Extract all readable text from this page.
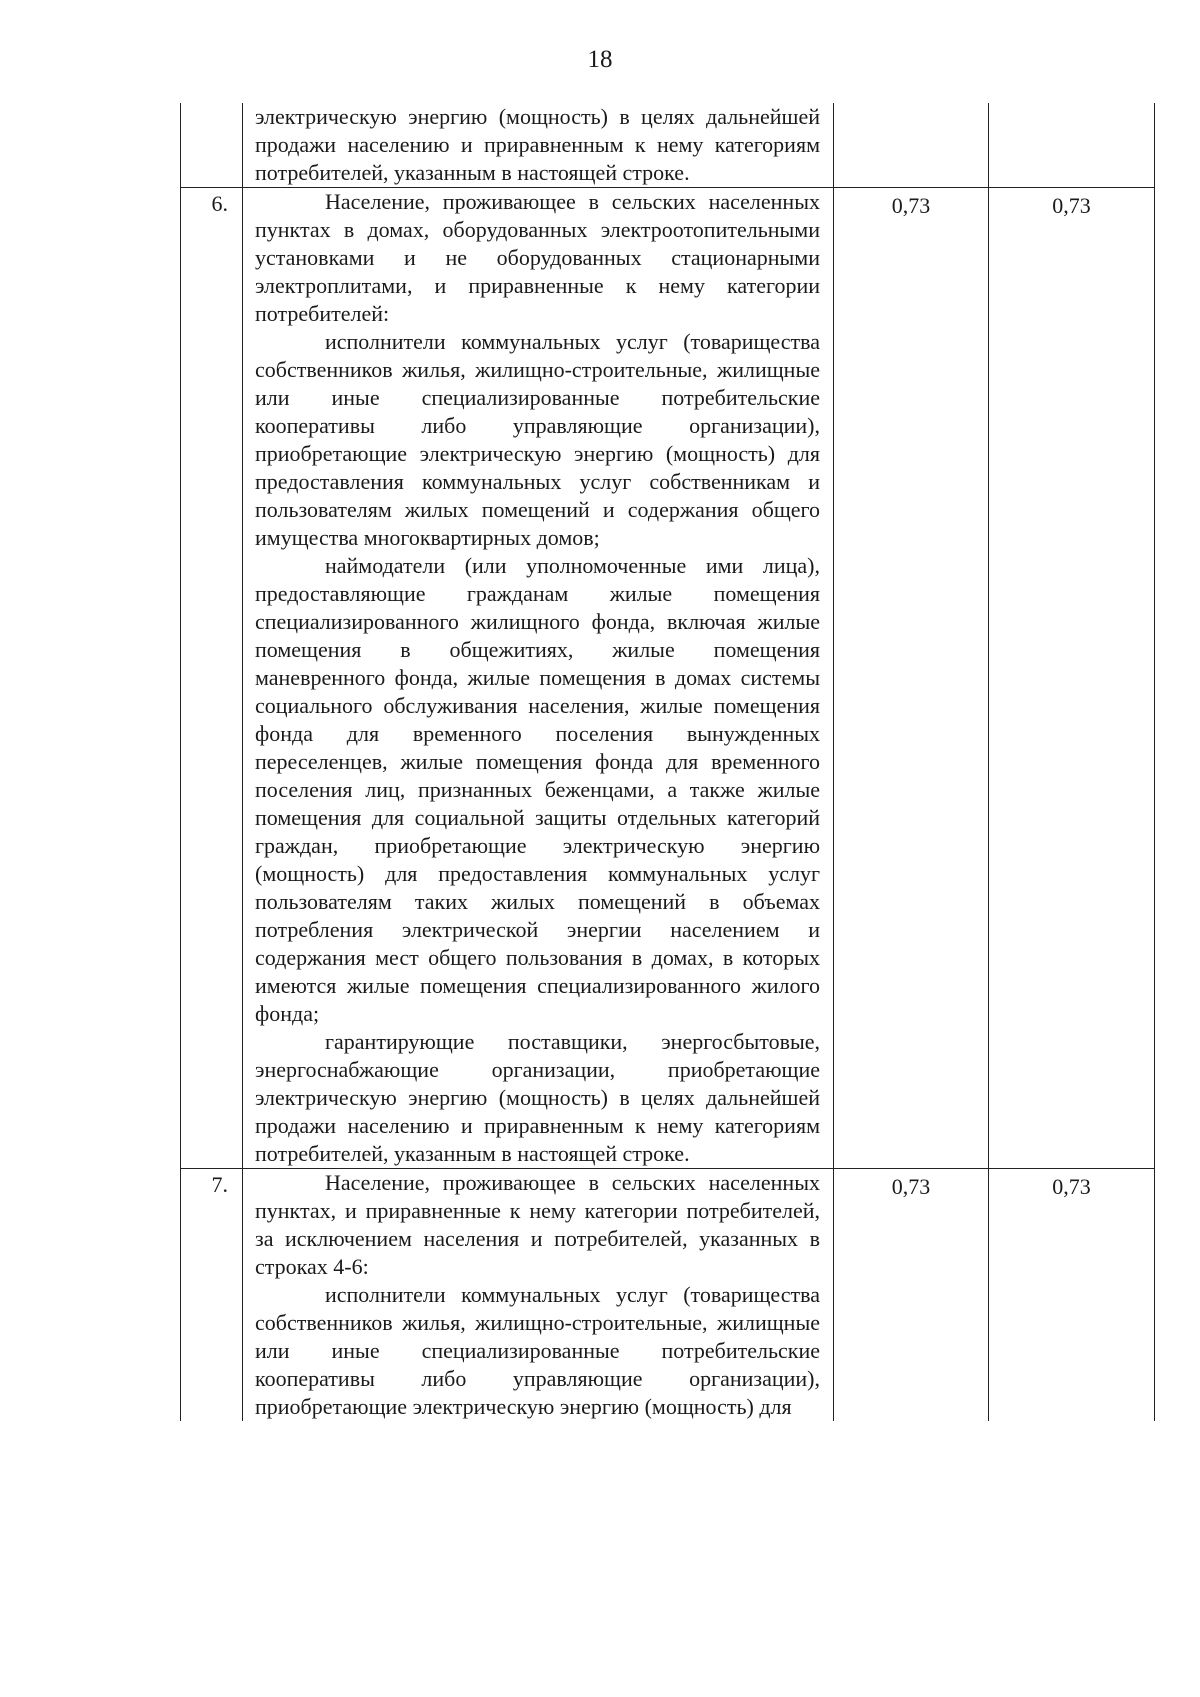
18

	электрическую энергию (мощность) в целях дальнейшей продажи населению и приравненным к нему категориям потребителей, указанным в настоящей строке.		

6.	Население, проживающее в сельских населенных пунктах в домах, оборудованных электроотопительными установками и не оборудованных стационарными электроплитами, и приравненные к нему категории потребителей:

исполнители коммунальных услуг (товарищества собственников жилья, жилищно-строительные, жилищные или иные специализированные потребительские кооперативы либо управляющие организации), приобретающие электрическую энергию (мощность) для предоставления коммунальных услуг собственникам и пользователям жилых помещений и содержания общего имущества многоквартирных домов;

наймодатели (или уполномоченные ими лица), предоставляющие гражданам жилые помещения специализированного жилищного фонда, включая жилые помещения в общежитиях, жилые помещения маневренного фонда, жилые помещения в домах системы социального обслуживания населения, жилые помещения фонда для временного поселения вынужденных переселенцев, жилые помещения фонда для временного поселения лиц, признанных беженцами, а также жилые помещения для социальной защиты отдельных категорий граждан, приобретающие электрическую энергию (мощность) для предоставления коммунальных услуг пользователям таких жилых помещений в объемах потребления электрической энергии населением и содержания мест общего пользования в домах, в которых имеются жилые помещения специализированного жилого фонда;

гарантирующие поставщики, энергосбытовые, энергоснабжающие организации, приобретающие электрическую энергию (мощность) в целях дальнейшей продажи населению и приравненным к нему категориям потребителей, указанным в настоящей строке.	0,73	0,73
7.	Население, проживающее в сельских населенных пунктах, и приравненные к нему категории потребителей, за исключением населения и потребителей, указанных в строках 4-6:

исполнители коммунальных услуг (товарищества собственников жилья, жилищно-строительные, жилищные или иные специализированные потребительские кооперативы либо управляющие организации), приобретающие электрическую энергию (мощность) для	0,73	0,73
